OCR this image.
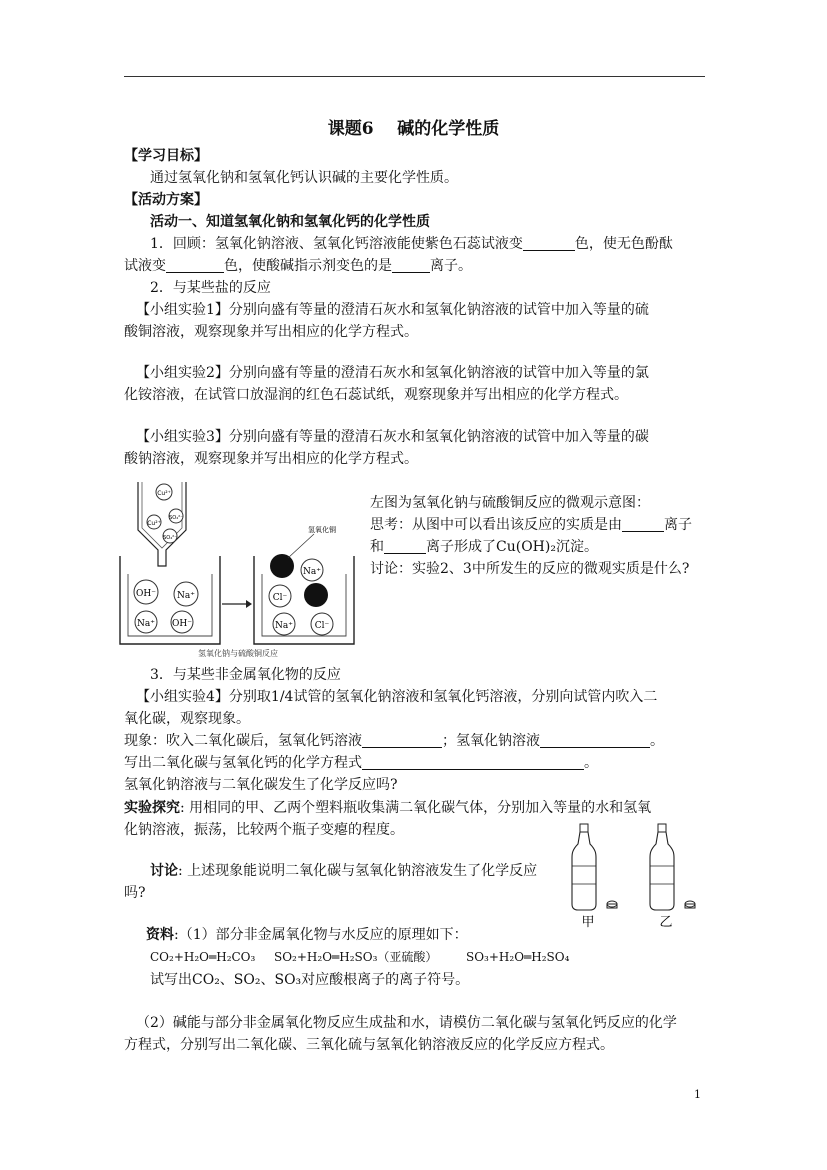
课题6    碱的化学性质
【学习目标】
通过氢氧化钠和氢氧化钙认识碱的主要化学性质。
【活动方案】
活动一、知道氢氧化钠和氢氧化钙的化学性质
1．回顾：氢氧化钠溶液、氢氧化钙溶液能使紫色石蕊试液变	色，使无色酚酞
试液变	色，使酸碱指示剂变色的是	离子。
2．与某些盐的反应
【小组实验1】分别向盛有等量的澄清石灰水和氢氧化钠溶液的试管中加入等量的硫
酸铜溶液，观察现象并写出相应的化学方程式。
【小组实验2】分别向盛有等量的澄清石灰水和氢氧化钠溶液的试管中加入等量的氯
化铵溶液，在试管口放湿润的红色石蕊试纸，观察现象并写出相应的化学方程式。
【小组实验3】分别向盛有等量的澄清石灰水和氢氧化钠溶液的试管中加入等量的碳
酸钠溶液，观察现象并写出相应的化学方程式。
Cu²⁺
Cu²⁺
SO₄²⁻
SO₄²⁻
OH⁻ Na⁺
Na⁺ OH⁻
Na⁺
Cl⁻
Na⁺ Cl⁻
氢氧化铜
氢氧化钠与硫酸铜反应
左图为氢氧化钠与硫酸铜反应的微观示意图：
思考：从图中可以看出该反应的实质是由	离子
和	离子形成了Cu(OH)₂沉淀。
讨论：实验2、3中所发生的反应的微观实质是什么?
3．与某些非金属氧化物的反应
【小组实验4】分别取1/4试管的氢氧化钠溶液和氢氧化钙溶液，分别向试管内吹入二
氧化碳，观察现象。
现象：吹入二氧化碳后，氢氧化钙溶液	；氢氧化钠溶液	。
写出二氧化碳与氢氧化钙的化学方程式	。
氢氧化钠溶液与二氧化碳发生了化学反应吗?
实验探究: 用相同的甲、乙两个塑料瓶收集满二氧化碳气体，分别加入等量的水和氢氧
化钠溶液，振荡，比较两个瓶子变瘪的程度。
讨论: 上述现象能说明二氧化碳与氢氧化钠溶液发生了化学反应
吗?
甲	乙
资料:（1）部分非金属氧化物与水反应的原理如下：
CO₂+H₂O═H₂CO₃ SO₂+H₂O═H₂SO₃（亚硫酸） SO₃+H₂O═H₂SO₄
试写出CO₂、SO₂、SO₃对应酸根离子的离子符号。
（2）碱能与部分非金属氧化物反应生成盐和水，请模仿二氧化碳与氢氧化钙反应的化学
方程式，分别写出二氧化碳、三氧化硫与氢氧化钠溶液反应的化学反应方程式。
1
